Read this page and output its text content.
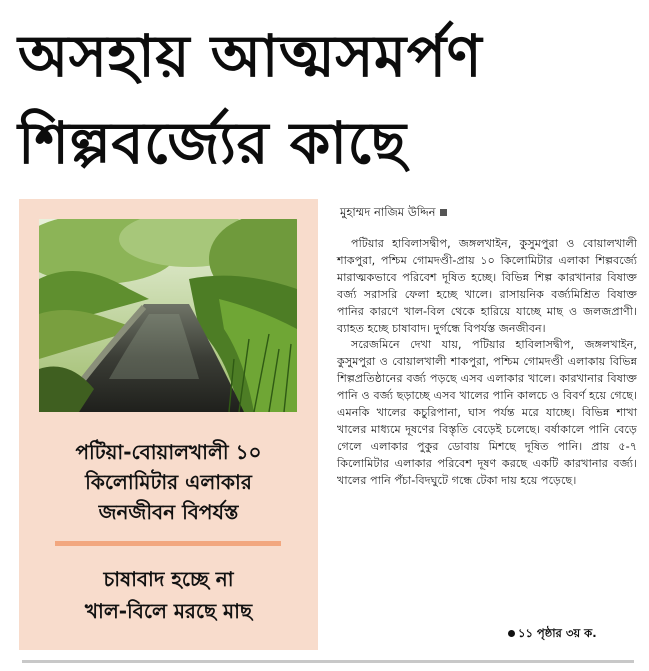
অসহায় আত্মসমর্পণ
শিল্পবর্জ্যের কাছে
পটিয়া-বোয়ালখালী ১০
কিলোমিটার এলাকার
জনজীবন বিপর্যস্ত
চাষাবাদ হচ্ছে না
খাল-বিলে মরছে মাছ
মুহাম্মদ নাজিম উদ্দিন

পটিয়ার হাবিলাসদ্বীপ, জঙ্গলখাইন, কুসুমপুরা ও বোয়ালখালী শাকপুরা, পশ্চিম গোমদণ্ডী-প্রায় ১০ কিলোমিটার এলাকা শিল্পবর্জ্যে মারাত্মকভাবে পরিবেশ দূষিত হচ্ছে। বিভিন্ন শিল্প কারখানার বিষাক্ত বর্জ্য সরাসরি ফেলা হচ্ছে খালে। রাসায়নিক বর্জ্যমিশ্রিত বিষাক্ত পানির কারণে খাল-বিল থেকে হারিয়ে যাচ্ছে মাছ ও জলজপ্রাণী। ব্যাহত হচ্ছে চাষাবাদ। দুর্গন্ধে বিপর্যস্ত জনজীবন।

সরেজমিনে দেখা যায়, পটিয়ার হাবিলাসদ্বীপ, জঙ্গলখাইন, কুসুমপুরা ও বোয়ালখালী শাকপুরা, পশ্চিম গোমদণ্ডী এলাকায় বিভিন্ন শিল্পপ্রতিষ্ঠানের বর্জ্য পড়ছে এসব এলাকার খালে। কারখানার বিষাক্ত পানি ও বর্জ্য ছড়াচ্ছে এসব খালের পানি কালচে ও বিবর্ণ হয়ে গেছে। এমনকি খালের কচুরিপানা, ঘাস পর্যন্ত মরে যাচ্ছে। বিভিন্ন শাখা খালের মাধ্যমে দূষণের বিস্তৃতি বেড়েই চলেছে। বর্ষাকালে পানি বেড়ে গেলে এলাকার পুকুর ডোবায় মিশছে দূষিত পানি। প্রায় ৫-৭ কিলোমিটার এলাকার পরিবেশ দূষণ করছে একটি কারখানার বর্জ্য। খালের পানি পঁচা-বিদঘুটে গন্ধে টেকা দায় হয়ে পড়েছে।

১১ পৃষ্ঠার ৩য় ক.
